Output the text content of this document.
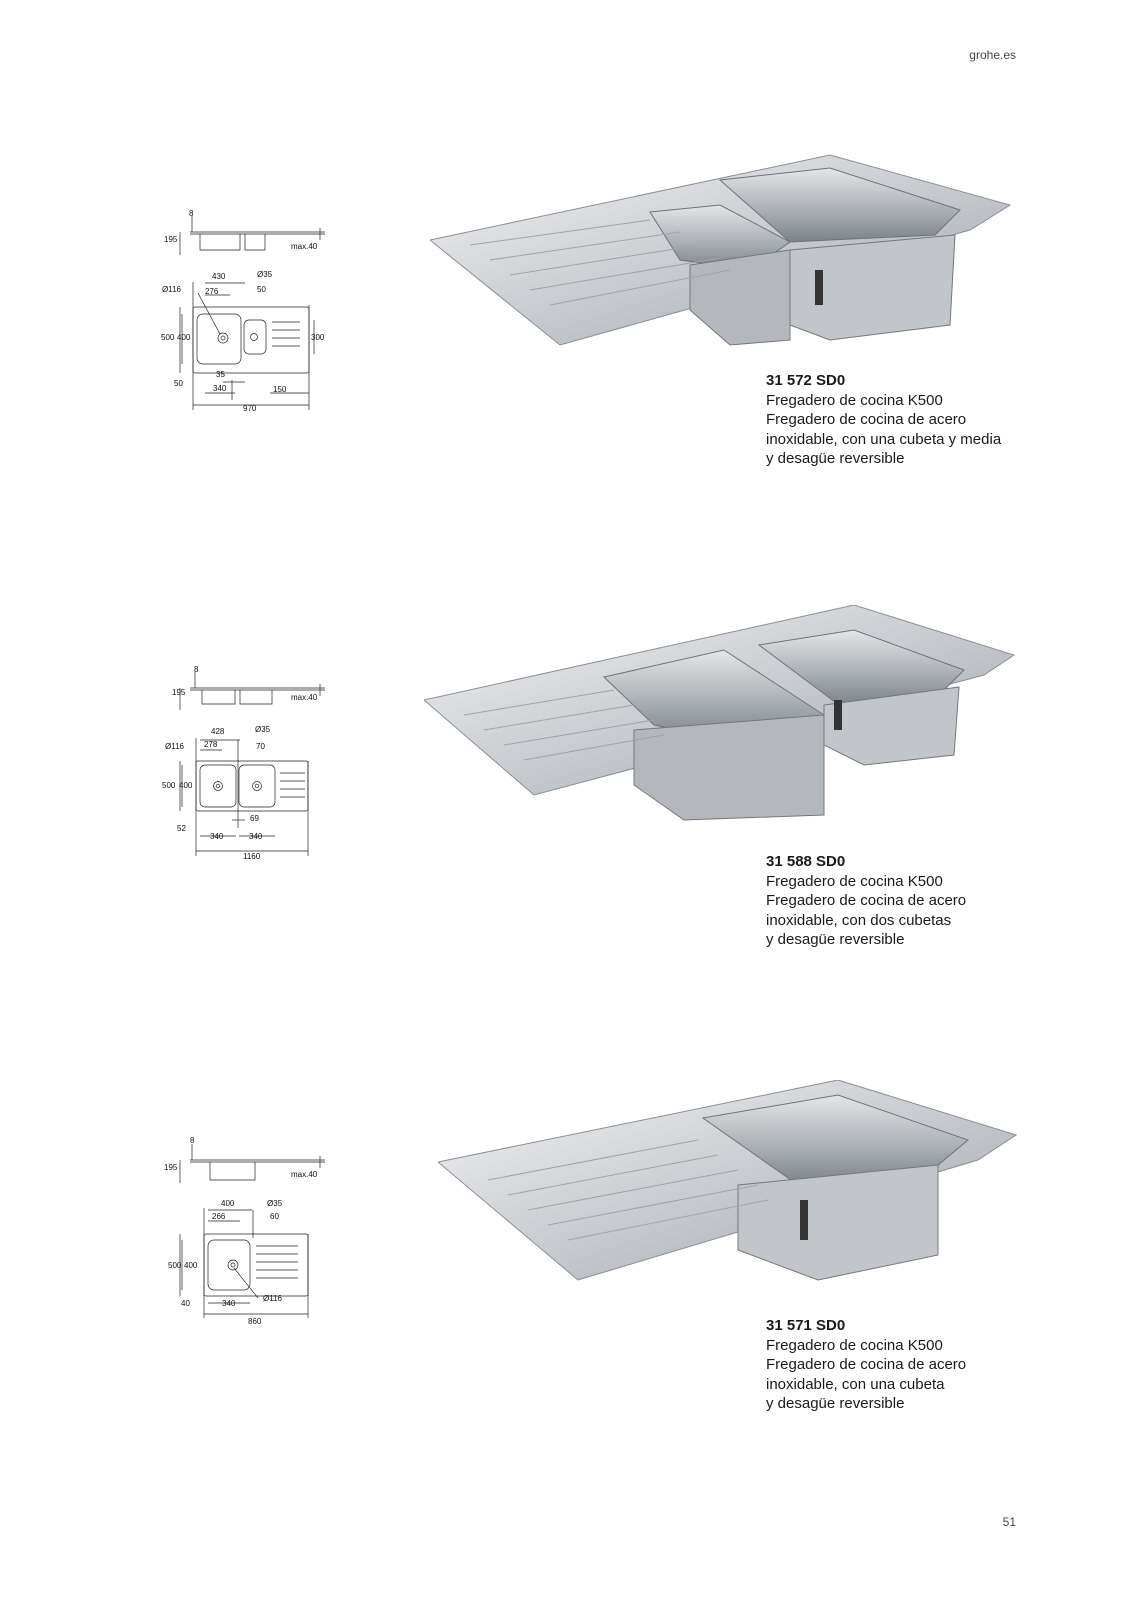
grohe.es
8
195
max.40
430	Ø35
Ø116	276	50
500 400	300
35
50
340	150
970
31 572 SD0
Fregadero de cocina K500
Fregadero de cocina de acero
inoxidable, con una cubeta y media
y desagüe reversible
8
195
max.40
428	Ø35
Ø116	278	70
500 400
69
52
340	340
1160	31 588 SD0
Fregadero de cocina K500
Fregadero de cocina de acero
inoxidable, con dos cubetas
y desagüe reversible
8
195
max.40
400	Ø35
266	60
500 400
Ø116
40	340
860	31 571 SD0
Fregadero de cocina K500
Fregadero de cocina de acero
inoxidable, con una cubeta
y desagüe reversible
51
